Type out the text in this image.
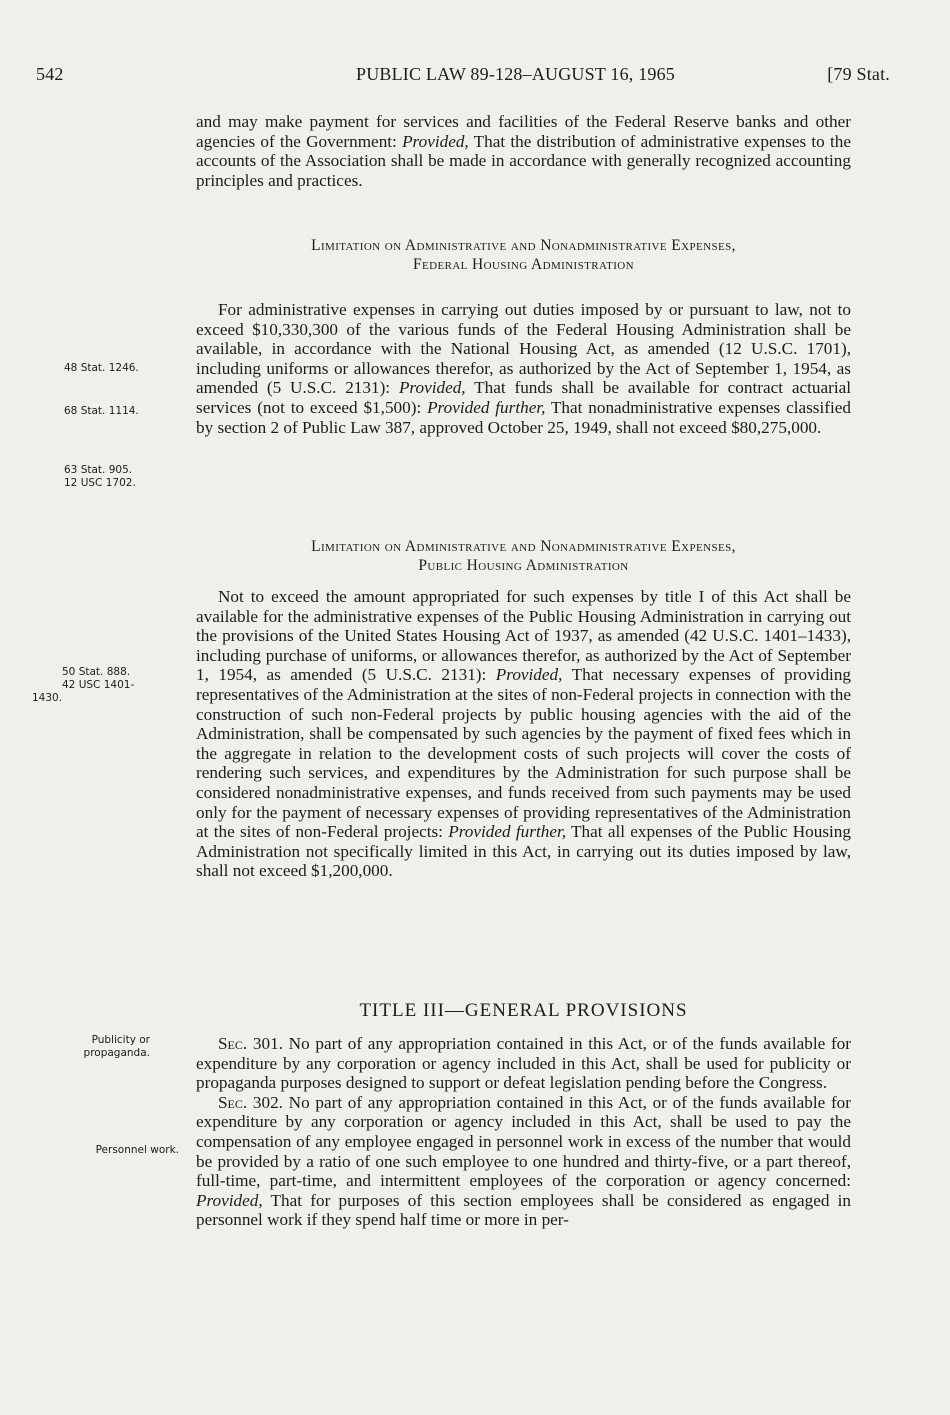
542	PUBLIC LAW 89-128–AUGUST 16, 1965	[79 Stat.

and may make payment for services and facilities of the Federal Reserve banks and other agencies of the Government: Provided, That the distribution of administrative expenses to the accounts of the Association shall be made in accordance with generally recognized accounting principles and practices.

Limitation on Administrative and Nonadministrative Expenses,
Federal Housing Administration

For administrative expenses in carrying out duties imposed by or pursuant to law, not to exceed $10,330,300 of the various funds of the Federal Housing Administration shall be available, in accordance with the National Housing Act, as amended (12 U.S.C. 1701), including uniforms or allowances therefor, as authorized by the Act of September 1, 1954, as amended (5 U.S.C. 2131): Provided, That funds shall be available for contract actuarial services (not to exceed $1,500): Provided further, That nonadministrative expenses classified by section 2 of Public Law 387, approved October 25, 1949, shall not exceed $80,275,000.

Limitation on Administrative and Nonadministrative Expenses,
Public Housing Administration

Not to exceed the amount appropriated for such expenses by title I of this Act shall be available for the administrative expenses of the Public Housing Administration in carrying out the provisions of the United States Housing Act of 1937, as amended (42 U.S.C. 1401–1433), including purchase of uniforms, or allowances therefor, as authorized by the Act of September 1, 1954, as amended (5 U.S.C. 2131): Provided, That necessary expenses of providing representatives of the Administration at the sites of non-Federal projects in connection with the construction of such non-Federal projects by public housing agencies with the aid of the Administration, shall be compensated by such agencies by the payment of fixed fees which in the aggregate in relation to the development costs of such projects will cover the costs of rendering such services, and expenditures by the Administration for such purpose shall be considered nonadministrative expenses, and funds received from such payments may be used only for the payment of necessary expenses of providing representatives of the Administration at the sites of non-Federal projects: Provided further, That all expenses of the Public Housing Administration not specifically limited in this Act, in carrying out its duties imposed by law, shall not exceed $1,200,000.

TITLE III—GENERAL PROVISIONS

Sec. 301. No part of any appropriation contained in this Act, or of the funds available for expenditure by any corporation or agency included in this Act, shall be used for publicity or propaganda purposes designed to support or defeat legislation pending before the Congress.

Sec. 302. No part of any appropriation contained in this Act, or of the funds available for expenditure by any corporation or agency included in this Act, shall be used to pay the compensation of any employee engaged in personnel work in excess of the number that would be provided by a ratio of one such employee to one hundred and thirty-five, or a part thereof, full-time, part-time, and intermittent employees of the corporation or agency concerned: Provided, That for purposes of this section employees shall be considered as engaged in personnel work if they spend half time or more in per-

48 Stat. 1246.
68 Stat. 1114.
63 Stat. 905.
12 USC 1702.
50 Stat. 888.
42 USC 1401-
1430.
Publicity or
propaganda.
Personnel work.
